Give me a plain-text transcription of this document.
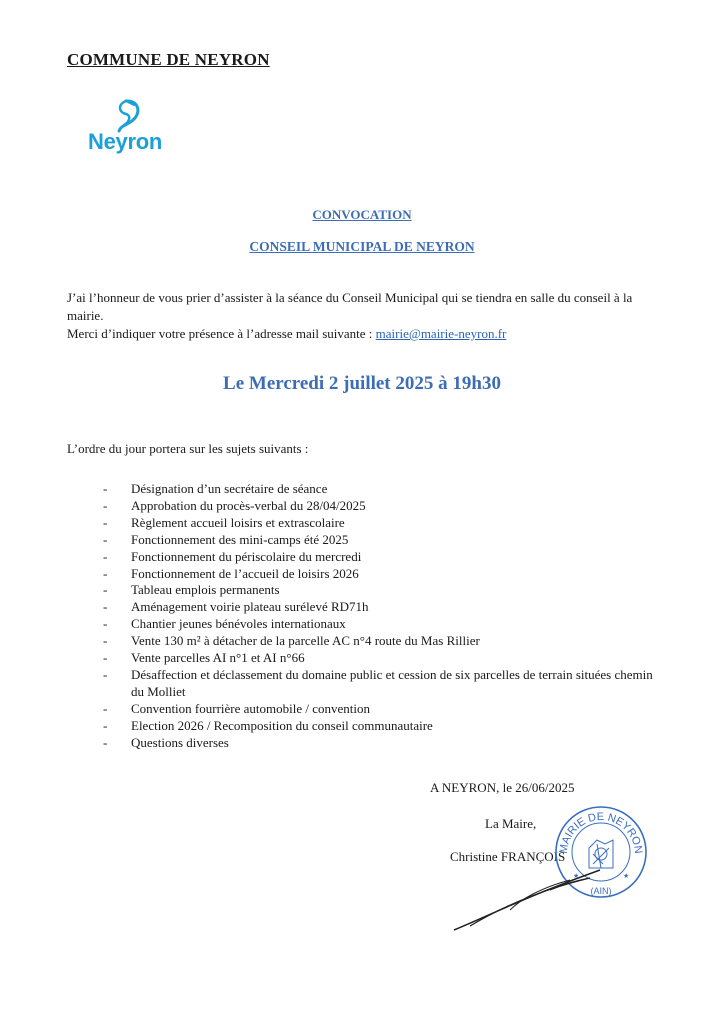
COMMUNE DE NEYRON
Neyron
CONVOCATION
CONSEIL MUNICIPAL DE NEYRON
J’ai l’honneur de vous prier d’assister à la séance du Conseil Municipal qui se tiendra en salle du conseil à la mairie.
Merci d’indiquer votre présence à l’adresse mail suivante : mairie@mairie-neyron.fr
Le Mercredi 2 juillet 2025 à 19h30
L’ordre du jour portera sur les sujets suivants :
- Désignation d’un secrétaire de séance
- Approbation du procès-verbal du 28/04/2025
- Règlement accueil loisirs et extrascolaire
- Fonctionnement des mini-camps été 2025
- Fonctionnement du périscolaire du mercredi
- Fonctionnement de l’accueil de loisirs 2026
- Tableau emplois permanents
- Aménagement voirie plateau surélevé RD71h
- Chantier jeunes bénévoles internationaux
- Vente 130 m² à détacher de la parcelle AC n°4 route du Mas Rillier
- Vente parcelles AI n°1 et AI n°66
- Désaffection et déclassement du domaine public et cession de six parcelles de terrain situées chemin du Molliet
- Convention fourrière automobile / convention
- Election 2026 / Recomposition du conseil communautaire
- Questions diverses
A NEYRON, le 26/06/2025
La Maire,
Christine FRANÇOIS
MAIRIE DE NEYRON
(AIN)
★	★
